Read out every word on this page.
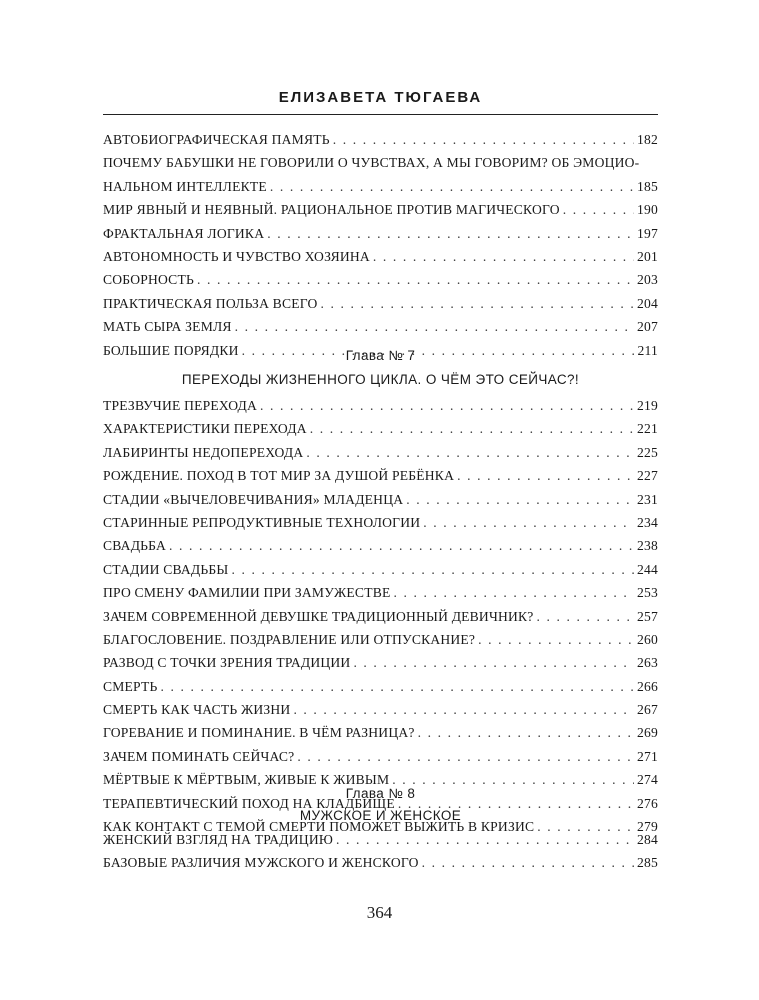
ЕЛИЗАВЕТА ТЮГАЕВА
АВТОБИОГРАФИЧЕСКАЯ ПАМЯТЬ . . .	182
ПОЧЕМУ БАБУШКИ НЕ ГОВОРИЛИ О ЧУВСТВАХ, А МЫ ГОВОРИМ? ОБ ЭМОЦИО-
НАЛЬНОМ ИНТЕЛЛЕКТЕ . . .	185
МИР ЯВНЫЙ И НЕЯВНЫЙ. РАЦИОНАЛЬНОЕ ПРОТИВ МАГИЧЕСКОГО . . .	190
ФРАКТАЛЬНАЯ ЛОГИКА . . .	197
АВТОНОМНОСТЬ И ЧУВСТВО ХОЗЯИНА . . .	201
СОБОРНОСТЬ . . .	203
ПРАКТИЧЕСКАЯ ПОЛЬЗА ВСЕГО . . .	204
МАТЬ СЫРА ЗЕМЛЯ . . .	207
БОЛЬШИЕ ПОРЯДКИ . . .	211
Глава № 7
ПЕРЕХОДЫ ЖИЗНЕННОГО ЦИКЛА. О ЧЁМ ЭТО СЕЙЧАС?!
ТРЕЗВУЧИЕ ПЕРЕХОДА . . .	219
ХАРАКТЕРИСТИКИ ПЕРЕХОДА . . .	221
ЛАБИРИНТЫ НЕДОПЕРЕХОДА . . .	225
РОЖДЕНИЕ. ПОХОД В ТОТ МИР ЗА ДУШОЙ РЕБЁНКА . . .	227
СТАДИИ «ВЫЧЕЛОВЕЧИВАНИЯ» МЛАДЕНЦА . . .	231
СТАРИННЫЕ РЕПРОДУКТИВНЫЕ ТЕХНОЛОГИИ . . .	234
СВАДЬБА . . .	238
СТАДИИ СВАДЬБЫ . . .	244
ПРО СМЕНУ ФАМИЛИИ ПРИ ЗАМУЖЕСТВЕ . . .	253
ЗАЧЕМ СОВРЕМЕННОЙ ДЕВУШКЕ ТРАДИЦИОННЫЙ ДЕВИЧНИК? . . .	257
БЛАГОСЛОВЕНИЕ. ПОЗДРАВЛЕНИЕ ИЛИ ОТПУСКАНИЕ? . . .	260
РАЗВОД С ТОЧКИ ЗРЕНИЯ ТРАДИЦИИ . . .	263
СМЕРТЬ . . .	266
СМЕРТЬ КАК ЧАСТЬ ЖИЗНИ . . .	267
ГОРЕВАНИЕ И ПОМИНАНИЕ. В ЧЁМ РАЗНИЦА? . . .	269
ЗАЧЕМ ПОМИНАТЬ СЕЙЧАС? . . .	271
МЁРТВЫЕ К МЁРТВЫМ, ЖИВЫЕ К ЖИВЫМ . . .	274
ТЕРАПЕВТИЧЕСКИЙ ПОХОД НА КЛАДБИЩЕ . . .	276
КАК КОНТАКТ С ТЕМОЙ СМЕРТИ ПОМОЖЕТ ВЫЖИТЬ В КРИЗИС . . .	279
Глава № 8
МУЖСКОЕ И ЖЕНСКОЕ
ЖЕНСКИЙ ВЗГЛЯД НА ТРАДИЦИЮ . . .	284
БАЗОВЫЕ РАЗЛИЧИЯ МУЖСКОГО И ЖЕНСКОГО . . .	285
364
